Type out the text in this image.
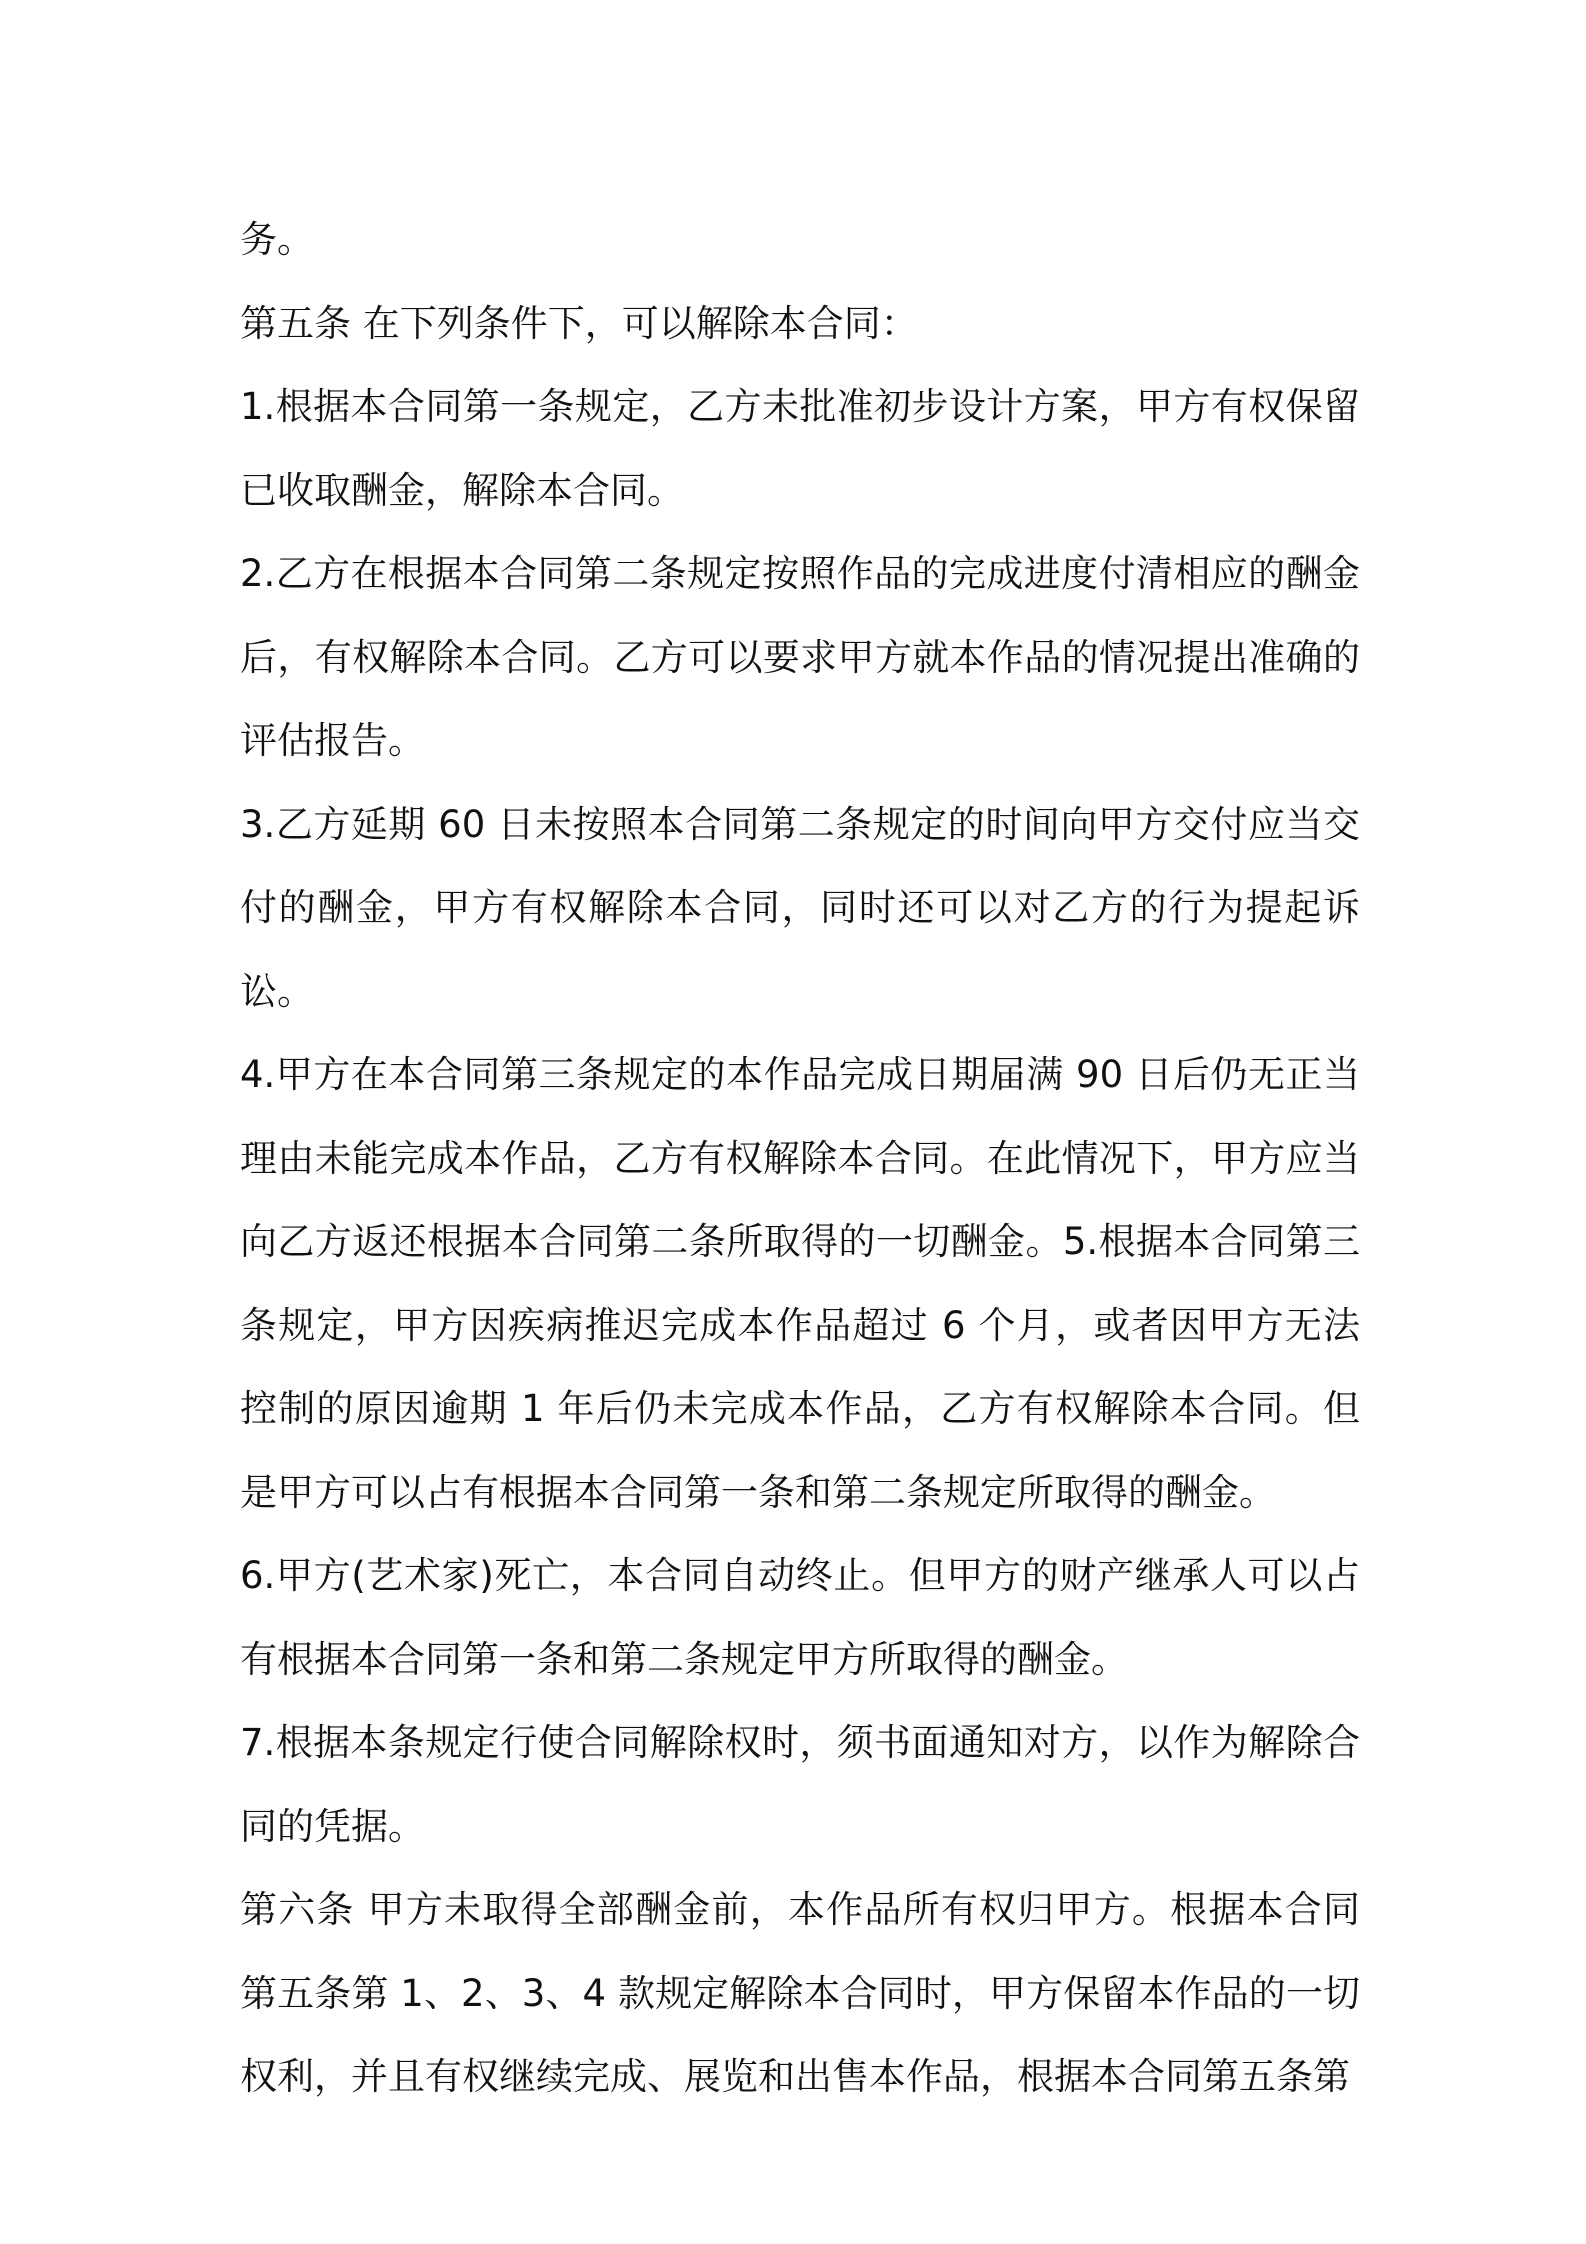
务。

第五条 在下列条件下，可以解除本合同：

1.根据本合同第一条规定，乙方未批准初步设计方案，甲方有权保留已收取酬金，解除本合同。

2.乙方在根据本合同第二条规定按照作品的完成进度付清相应的酬金后，有权解除本合同。乙方可以要求甲方就本作品的情况提出准确的评估报告。

3.乙方延期 60 日未按照本合同第二条规定的时间向甲方交付应当交付的酬金，甲方有权解除本合同，同时还可以对乙方的行为提起诉讼。

4.甲方在本合同第三条规定的本作品完成日期届满 90 日后仍无正当理由未能完成本作品，乙方有权解除本合同。在此情况下，甲方应当向乙方返还根据本合同第二条所取得的一切酬金。5.根据本合同第三条规定，甲方因疾病推迟完成本作品超过 6 个月，或者因甲方无法控制的原因逾期 1 年后仍未完成本作品，乙方有权解除本合同。但是甲方可以占有根据本合同第一条和第二条规定所取得的酬金。

6.甲方(艺术家)死亡，本合同自动终止。但甲方的财产继承人可以占有根据本合同第一条和第二条规定甲方所取得的酬金。

7.根据本条规定行使合同解除权时，须书面通知对方，以作为解除合同的凭据。

第六条 甲方未取得全部酬金前，本作品所有权归甲方。根据本合同第五条第 1、2、3、4 款规定解除本合同时，甲方保留本作品的一切权利，并且有权继续完成、展览和出售本作品，根据本合同第五条第
